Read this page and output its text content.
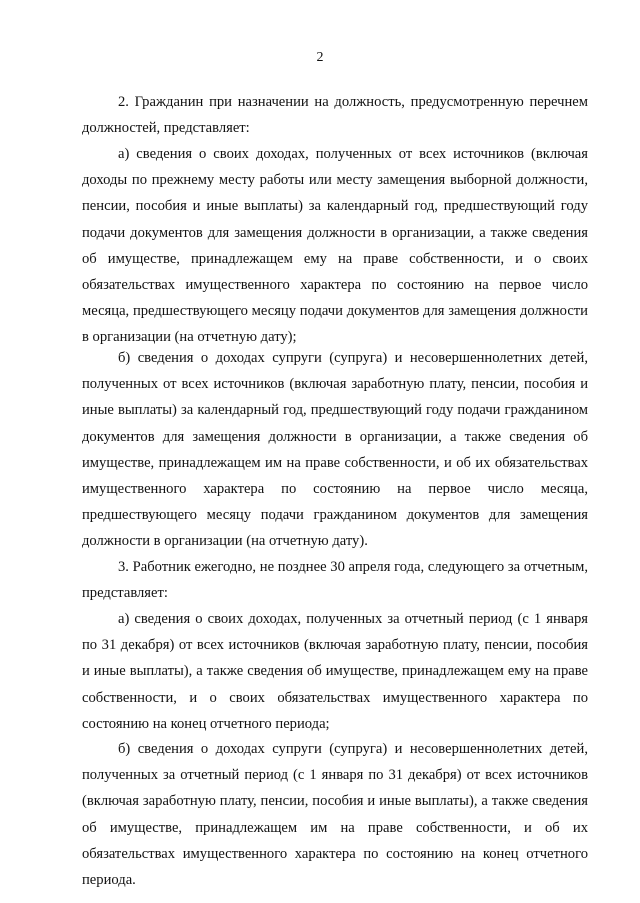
2

2. Гражданин при назначении на должность, предусмотренную перечнем должностей, представляет:

а) сведения о своих доходах, полученных от всех источников (включая доходы по прежнему месту работы или месту замещения выборной должности, пенсии, пособия и иные выплаты) за календарный год, предшествующий году подачи документов для замещения должности в организации, а также сведения об имуществе, принадлежащем ему на праве собственности, и о своих обязательствах имущественного характера по состоянию на первое число месяца, предшествующего месяцу подачи документов для замещения должности в организации (на отчетную дату);

б) сведения о доходах супруги (супруга) и несовершеннолетних детей, полученных от всех источников (включая заработную плату, пенсии, пособия и иные выплаты) за календарный год, предшествующий году подачи гражданином документов для замещения должности в организации, а также сведения об имуществе, принадлежащем им на праве собственности, и об их обязательствах имущественного характера по состоянию на первое число месяца, предшествующего месяцу подачи гражданином документов для замещения должности в организации (на отчетную дату).

3. Работник ежегодно, не позднее 30 апреля года, следующего за отчетным, представляет:

а) сведения о своих доходах, полученных за отчетный период (с 1 января по 31 декабря) от всех источников (включая заработную плату, пенсии, пособия и иные выплаты), а также сведения об имуществе, принадлежащем ему на праве собственности, и о своих обязательствах имущественного характера по состоянию на конец отчетного периода;

б) сведения о доходах супруги (супруга) и несовершеннолетних детей, полученных за отчетный период (с 1 января по 31 декабря) от всех источников (включая заработную плату, пенсии, пособия и иные выплаты), а также сведения об имуществе, принадлежащем им на праве собственности, и об их обязательствах имущественного характера по состоянию на конец отчетного периода.
